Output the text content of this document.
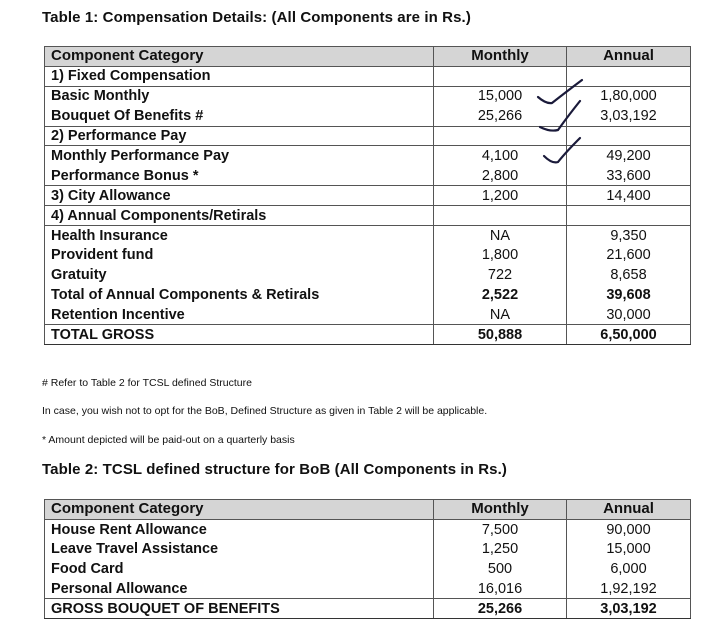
Table 1: Compensation Details: (All Components are in Rs.)
Component Category	Monthly	Annual
1) Fixed Compensation		
Basic Monthly	15,000	1,80,000
Bouquet Of Benefits #	25,266	3,03,192
2) Performance Pay		
Monthly Performance Pay	4,100	49,200
Performance Bonus *	2,800	33,600
3) City Allowance	1,200	14,400
4) Annual Components/Retirals		
Health Insurance	NA	9,350
Provident fund	1,800	21,600
Gratuity	722	8,658
Total of Annual Components & Retirals	2,522	39,608
Retention Incentive	NA	30,000
TOTAL GROSS	50,888	6,50,000
# Refer to Table 2 for TCSL defined Structure
In case, you wish not to opt for the BoB, Defined Structure as given in Table 2 will be applicable.
* Amount depicted will be paid-out on a quarterly basis
Table 2: TCSL defined structure for BoB (All Components in Rs.)
Component Category	Monthly	Annual
House Rent Allowance	7,500	90,000
Leave Travel Assistance	1,250	15,000
Food Card	500	6,000
Personal Allowance	16,016	1,92,192
GROSS BOUQUET OF BENEFITS	25,266	3,03,192
